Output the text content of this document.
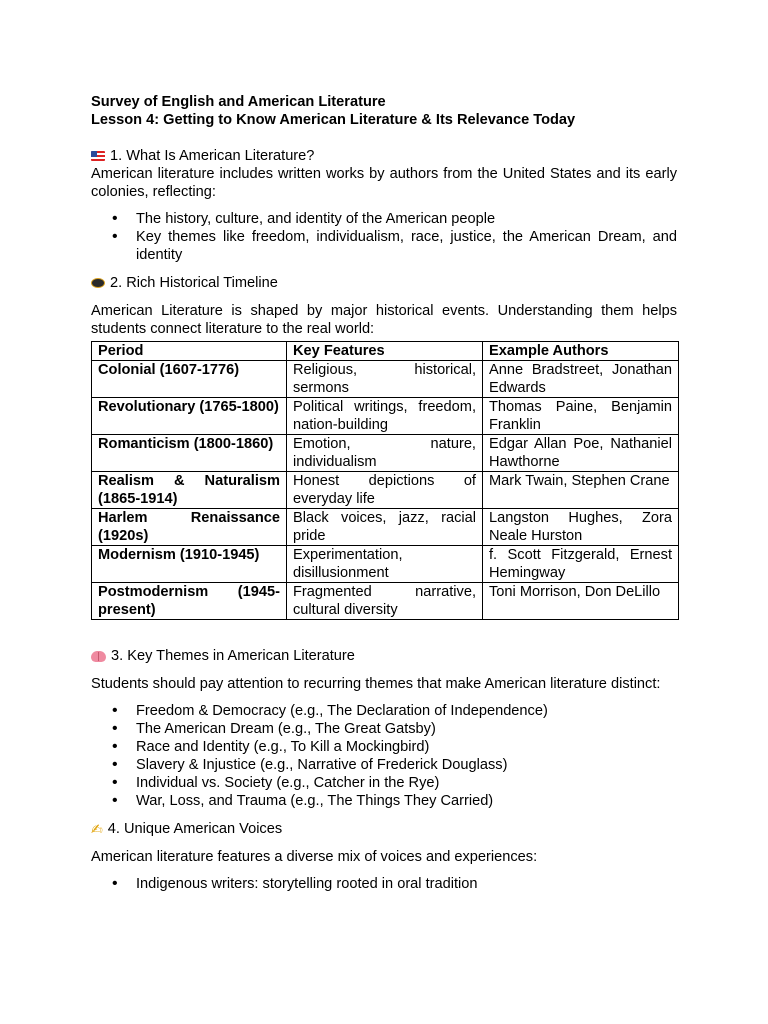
Survey of English and American Literature

Lesson 4: Getting to Know American Literature & Its Relevance Today

1. What Is American Literature?

American literature includes written works by authors from the United States and its early colonies, reflecting:

• The history, culture, and identity of the American people
• Key themes like freedom, individualism, race, justice, the American Dream, and identity
2. Rich Historical Timeline

American Literature is shaped by major historical events. Understanding them helps students connect literature to the real world:

Period	Key Features	Example Authors
Colonial (1607-1776)	Religious, historical, sermons	Anne Bradstreet, Jonathan Edwards
Revolutionary (1765-1800)	Political writings, freedom, nation-building	Thomas Paine, Benjamin Franklin
Romanticism (1800-1860)	Emotion, nature, individualism	Edgar Allan Poe, Nathaniel Hawthorne
Realism & Naturalism (1865-1914)	Honest depictions of everyday life	Mark Twain, Stephen Crane
Harlem Renaissance (1920s)	Black voices, jazz, racial pride	Langston Hughes, Zora Neale Hurston
Modernism (1910-1945)	Experimentation, disillusionment	f. Scott Fitzgerald, Ernest Hemingway
Postmodernism (1945-present)	Fragmented narrative, cultural diversity	Toni Morrison, Don DeLillo
3. Key Themes in American Literature

Students should pay attention to recurring themes that make American literature distinct:

• Freedom & Democracy (e.g., The Declaration of Independence)
• The American Dream (e.g., The Great Gatsby)
• Race and Identity (e.g., To Kill a Mockingbird)
• Slavery & Injustice (e.g., Narrative of Frederick Douglass)
• Individual vs. Society (e.g., Catcher in the Rye)
• War, Loss, and Trauma (e.g., The Things They Carried)
✍ 4. Unique American Voices

American literature features a diverse mix of voices and experiences:

• Indigenous writers: storytelling rooted in oral tradition
